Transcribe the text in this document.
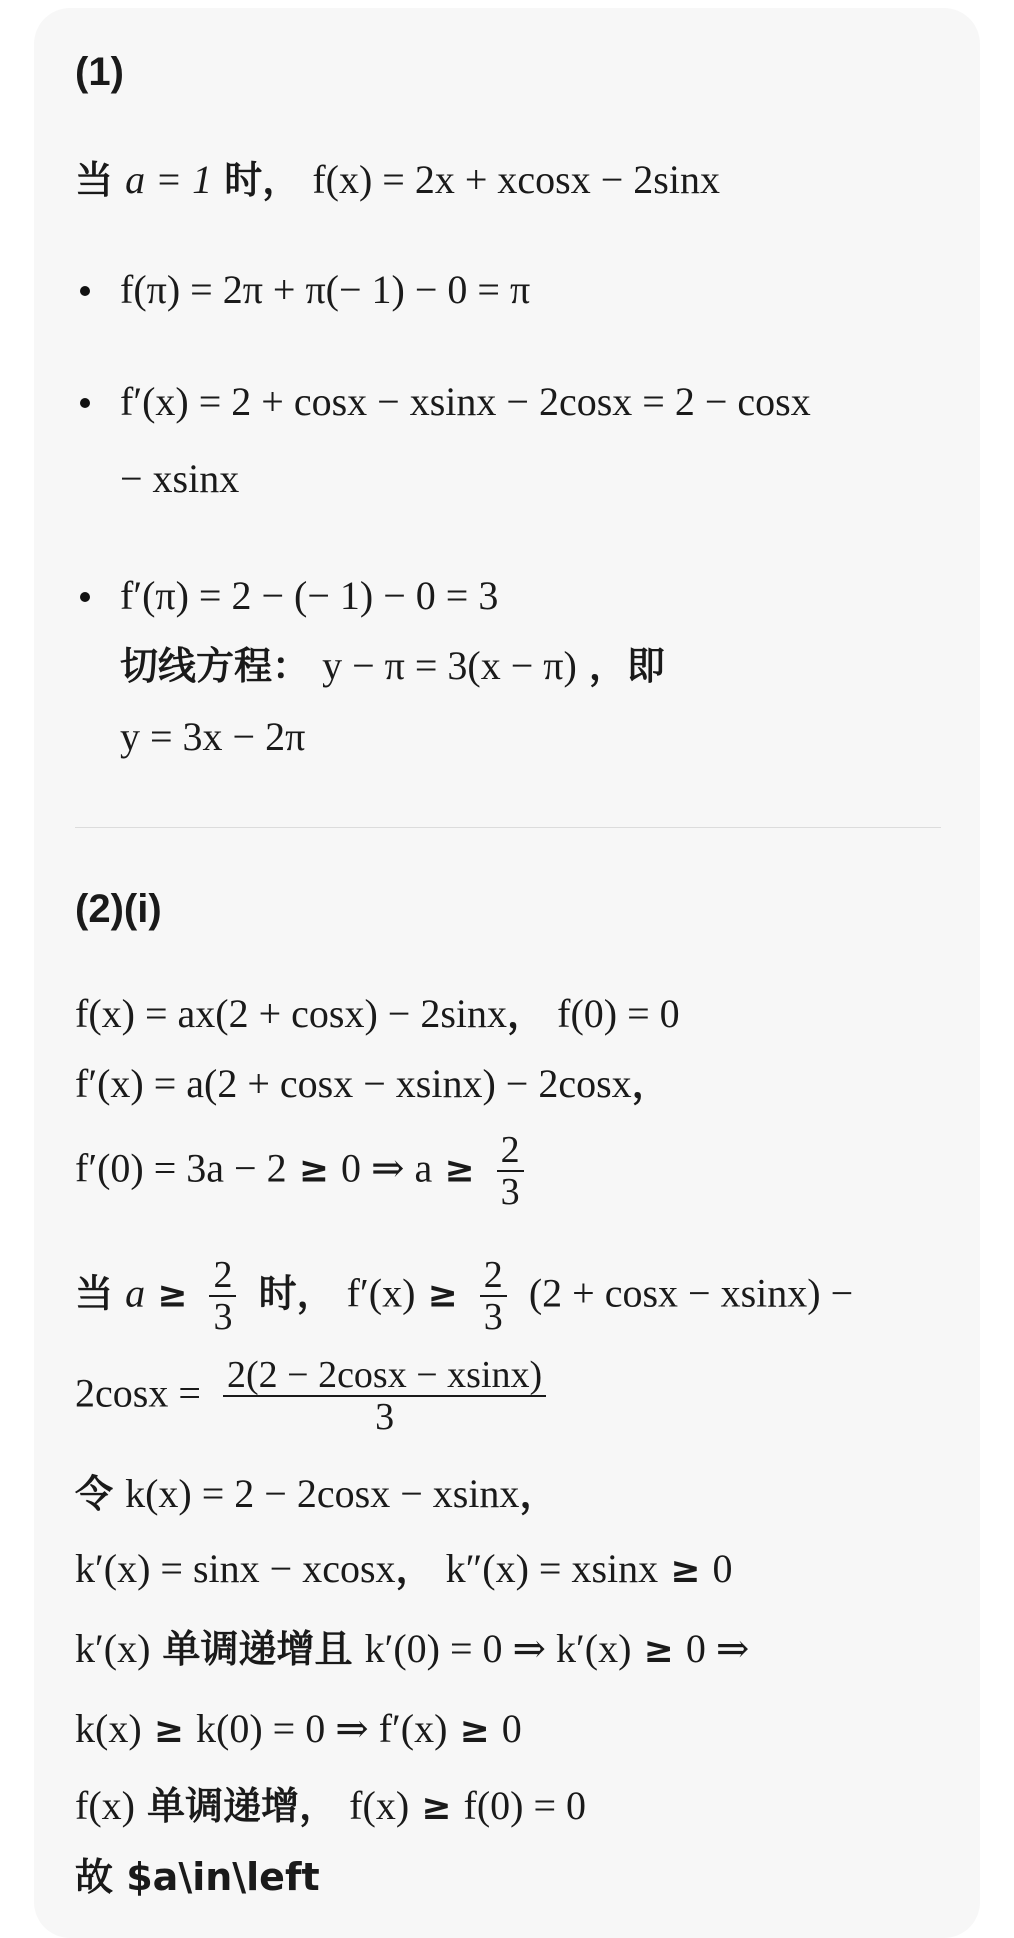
(1)
当 a = 1 时， f(x) = 2x + xcosx − 2sinx
f(π) = 2π + π(− 1) − 0 = π
f′(x) = 2 + cosx − xsinx − 2cosx = 2 − cosx
− xsinx
f′(π) = 2 − (− 1) − 0 = 3
切线方程： y − π = 3(x − π) ，即
y = 3x − 2π
(2)(i)
f(x) = ax(2 + cosx) − 2sinx， f(0) = 0
f′(x) = a(2 + cosx − xsinx) − 2cosx，
f′(0) = 3a − 2 ≥ 0 ⇒ $a \ge \frac{2}{3}$
当 $a \ge \frac{2}{3}$ 时， $f'(x) \ge \frac{2}{3} (2 + \cos x - xsinx)$ −
$2\cos x = \frac{2(2 - 2\cos x - xsinx)}{3}$
令 k(x) = 2 − 2cosx − xsinx，
k′(x) = sinx − xcosx， k″(x) = xsinx ≥ 0
k′(x) 单调递增且 k′(0) = 0 ⇒ k′(x) ≥ 0 ⇒
k(x) ≥ k(0) = 0 ⇒ f′(x) ≥ 0
f(x) 单调递增， f(x) ≥ f(0) = 0
故 $a\in\left
